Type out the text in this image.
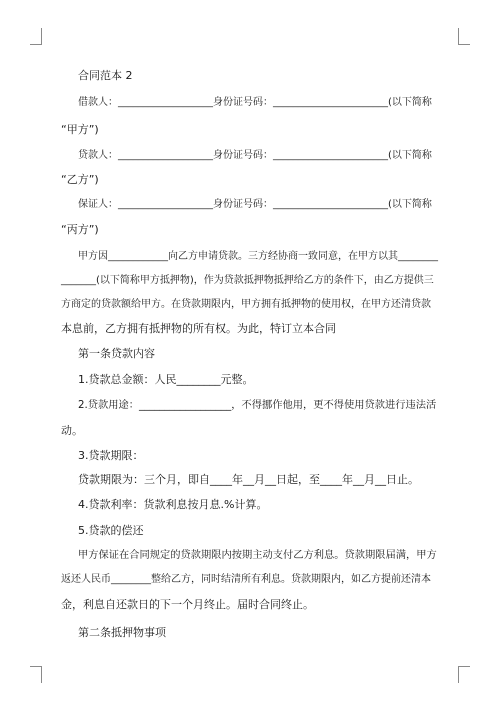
合同范本 2
借款人：___________________身份证号码：_______________________(以下简称
“甲方”)
贷款人：___________________身份证号码：_______________________(以下简称
“乙方”)
保证人：___________________身份证号码：_______________________(以下简称
“丙方”)
甲方因____________向乙方申请贷款。三方经协商一致同意，在甲方以其________
_______(以下简称甲方抵押物)，作为贷款抵押物抵押给乙方的条件下，由乙方提供三
方商定的贷款额给甲方。在贷款期限内，甲方拥有抵押物的使用权，在甲方还清贷款
本息前，乙方拥有抵押物的所有权。为此，特订立本合同
第一条贷款内容
1.贷款总金额：人民________元整。
2.贷款用途：__________________，不得挪作他用，更不得使用贷款进行违法活
动。
3.贷款期限：
贷款期限为：三个月，即自____年__月__日起，至____年__月__日止。
4.贷款利率：货款利息按月息.%计算。
5.贷款的偿还
甲方保证在合同规定的贷款期限内按期主动支付乙方利息。贷款期限届满，甲方
返还人民币________整给乙方，同时结清所有利息。贷款期限内，如乙方提前还清本
金，利息自还款日的下一个月终止。届时合同终止。
第二条抵押物事项
